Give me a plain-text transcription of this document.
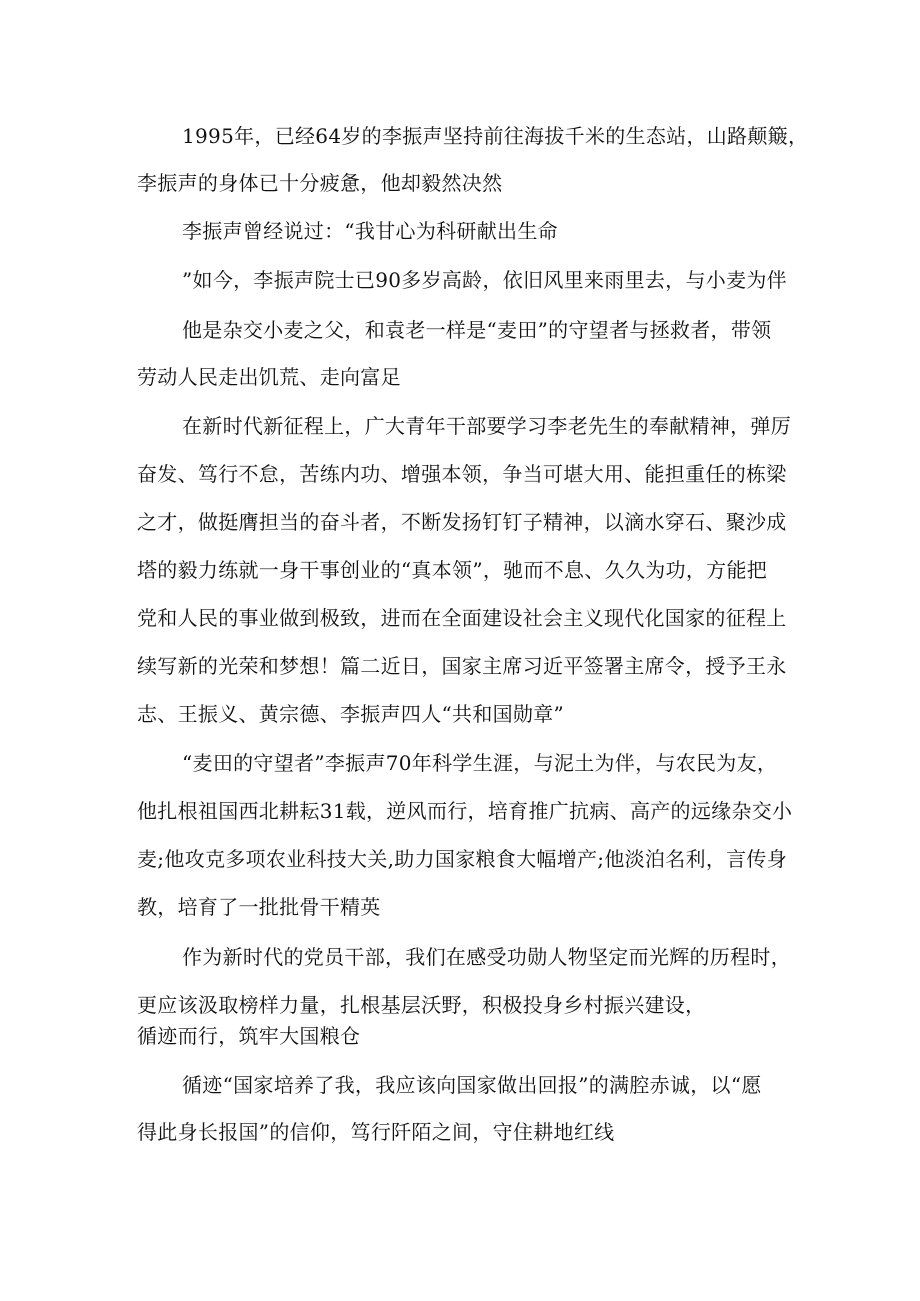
1995年，已经64岁的李振声坚持前往海拔千米的生态站，山路颠簸，
李振声的身体已十分疲惫，他却毅然决然
李振声曾经说过：“我甘心为科研献出生命
”如今，李振声院士已90多岁高龄，依旧风里来雨里去，与小麦为伴
他是杂交小麦之父，和袁老一样是“麦田”的守望者与拯救者，带领
劳动人民走出饥荒、走向富足
在新时代新征程上，广大青年干部要学习李老先生的奉献精神，弹厉
奋发、笃行不怠，苦练内功、增强本领，争当可堪大用、能担重任的栋梁
之才，做挺膺担当的奋斗者，不断发扬钉钉子精神，以滴水穿石、聚沙成
塔的毅力练就一身干事创业的“真本领”，驰而不息、久久为功，方能把
党和人民的事业做到极致，进而在全面建设社会主义现代化国家的征程上
续写新的光荣和梦想！篇二近日，国家主席习近平签署主席令，授予王永
志、王振义、黄宗德、李振声四人“共和国勋章”
“麦田的守望者”李振声70年科学生涯，与泥土为伴，与农民为友，
他扎根祖国西北耕耘31载，逆风而行，培育推广抗病、高产的远缘杂交小
麦;他攻克多项农业科技大关,助力国家粮食大幅增产;他淡泊名利，言传身
教，培育了一批批骨干精英
作为新时代的党员干部，我们在感受功勋人物坚定而光辉的历程时，
更应该汲取榜样力量，扎根基层沃野，积极投身乡村振兴建设，
循迹而行，筑牢大国粮仓
循迹“国家培养了我，我应该向国家做出回报”的满腔赤诚，以“愿
得此身长报国”的信仰，笃行阡陌之间，守住耕地红线
